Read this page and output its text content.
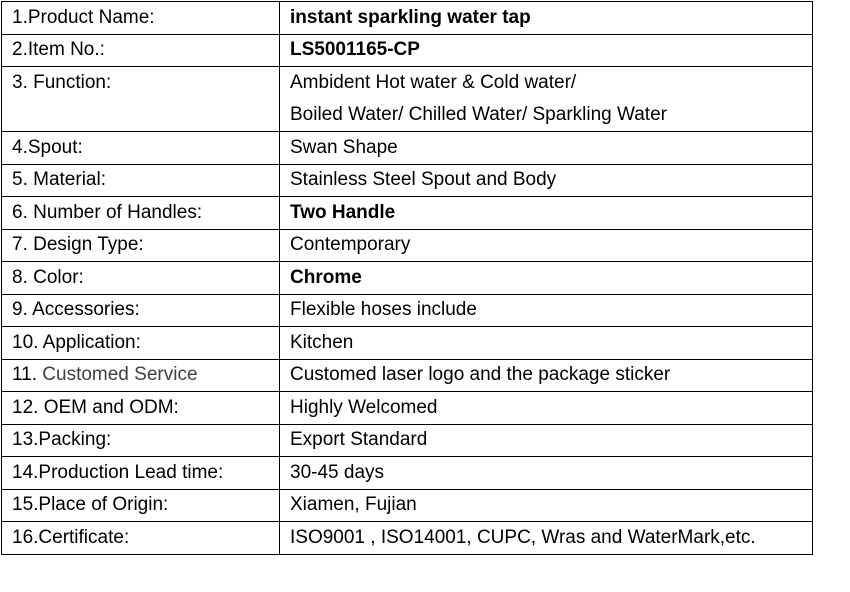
1.Product Name:	instant sparkling water tap
2.Item No.:	LS5001165-CP

3. Function:	Ambident Hot water & Cold water/
Boiled Water/ Chilled Water/ Sparkling Water

4.Spout:	Swan Shape
5. Material:	Stainless Steel Spout and Body
6. Number of Handles:	Two Handle
7. Design Type:	Contemporary
8. Color:	Chrome
9. Accessories:	Flexible hoses include
10. Application:	Kitchen
11. Customed Service	Customed laser logo and the package sticker
12. OEM and ODM:	Highly Welcomed
13.Packing:	Export Standard
14.Production Lead time:	30-45 days
15.Place of Origin:	Xiamen, Fujian
16.Certificate:	ISO9001 , ISO14001, CUPC, Wras and WaterMark,etc.
